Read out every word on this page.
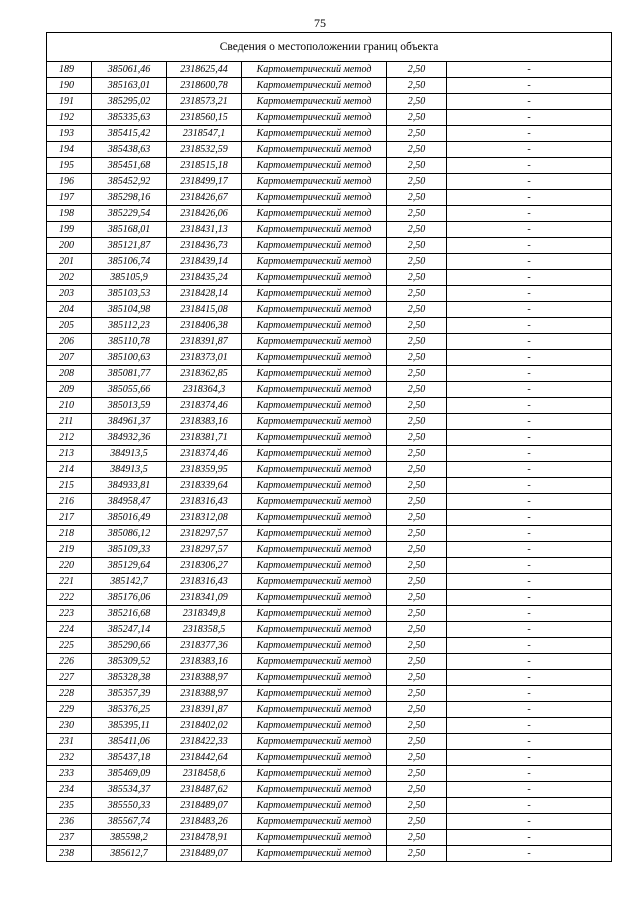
75
Сведения о местоположении границ объекта					
189	385061,46	2318625,44	Картометрический метод	2,50	-
190	385163,01	2318600,78	Картометрический метод	2,50	-
191	385295,02	2318573,21	Картометрический метод	2,50	-
192	385335,63	2318560,15	Картометрический метод	2,50	-
193	385415,42	2318547,1	Картометрический метод	2,50	-
194	385438,63	2318532,59	Картометрический метод	2,50	-
195	385451,68	2318515,18	Картометрический метод	2,50	-
196	385452,92	2318499,17	Картометрический метод	2,50	-
197	385298,16	2318426,67	Картометрический метод	2,50	-
198	385229,54	2318426,06	Картометрический метод	2,50	-
199	385168,01	2318431,13	Картометрический метод	2,50	-
200	385121,87	2318436,73	Картометрический метод	2,50	-
201	385106,74	2318439,14	Картометрический метод	2,50	-
202	385105,9	2318435,24	Картометрический метод	2,50	-
203	385103,53	2318428,14	Картометрический метод	2,50	-
204	385104,98	2318415,08	Картометрический метод	2,50	-
205	385112,23	2318406,38	Картометрический метод	2,50	-
206	385110,78	2318391,87	Картометрический метод	2,50	-
207	385100,63	2318373,01	Картометрический метод	2,50	-
208	385081,77	2318362,85	Картометрический метод	2,50	-
209	385055,66	2318364,3	Картометрический метод	2,50	-
210	385013,59	2318374,46	Картометрический метод	2,50	-
211	384961,37	2318383,16	Картометрический метод	2,50	-
212	384932,36	2318381,71	Картометрический метод	2,50	-
213	384913,5	2318374,46	Картометрический метод	2,50	-
214	384913,5	2318359,95	Картометрический метод	2,50	-
215	384933,81	2318339,64	Картометрический метод	2,50	-
216	384958,47	2318316,43	Картометрический метод	2,50	-
217	385016,49	2318312,08	Картометрический метод	2,50	-
218	385086,12	2318297,57	Картометрический метод	2,50	-
219	385109,33	2318297,57	Картометрический метод	2,50	-
220	385129,64	2318306,27	Картометрический метод	2,50	-
221	385142,7	2318316,43	Картометрический метод	2,50	-
222	385176,06	2318341,09	Картометрический метод	2,50	-
223	385216,68	2318349,8	Картометрический метод	2,50	-
224	385247,14	2318358,5	Картометрический метод	2,50	-
225	385290,66	2318377,36	Картометрический метод	2,50	-
226	385309,52	2318383,16	Картометрический метод	2,50	-
227	385328,38	2318388,97	Картометрический метод	2,50	-
228	385357,39	2318388,97	Картометрический метод	2,50	-
229	385376,25	2318391,87	Картометрический метод	2,50	-
230	385395,11	2318402,02	Картометрический метод	2,50	-
231	385411,06	2318422,33	Картометрический метод	2,50	-
232	385437,18	2318442,64	Картометрический метод	2,50	-
233	385469,09	2318458,6	Картометрический метод	2,50	-
234	385534,37	2318487,62	Картометрический метод	2,50	-
235	385550,33	2318489,07	Картометрический метод	2,50	-
236	385567,74	2318483,26	Картометрический метод	2,50	-
237	385598,2	2318478,91	Картометрический метод	2,50	-
238	385612,7	2318489,07	Картометрический метод	2,50	-
